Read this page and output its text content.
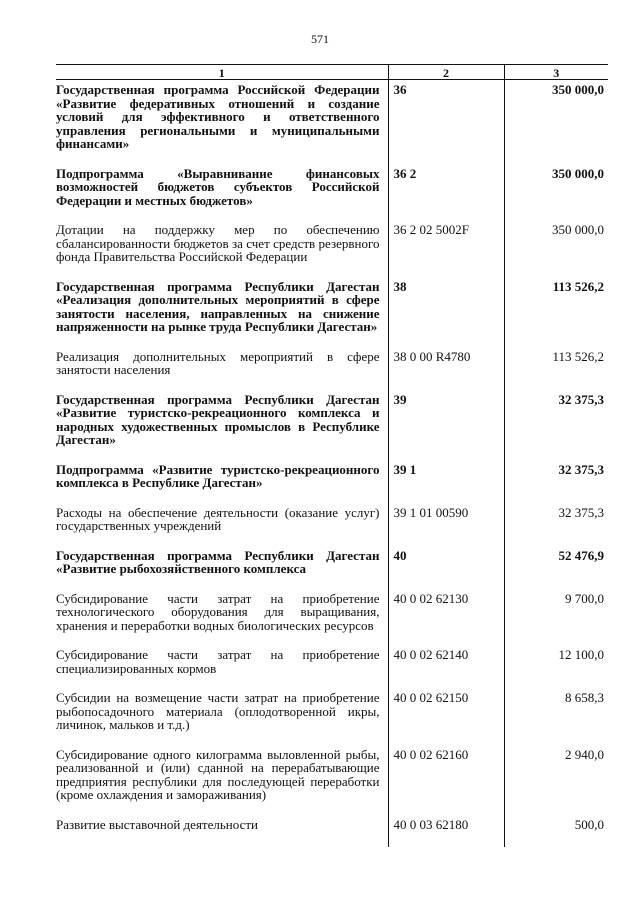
571
1	2	3
Государственная программа Российской Федерации «Развитие федеративных отношений и создание условий для эффективного и ответственного управления региональными и муниципальными финансами»	36	350 000,0
Подпрограмма «Выравнивание финансовых возможностей бюджетов субъектов Российской Федерации и местных бюджетов»	36 2	350 000,0
Дотации на поддержку мер по обеспечению сбалансированности бюджетов за счет средств резервного фонда Правительства Российской Федерации	36 2 02 5002F	350 000,0
Государственная программа Республики Дагестан «Реализация дополнительных мероприятий в сфере занятости населения, направленных на снижение напряженности на рынке труда Республики Дагестан»	38	113 526,2
Реализация дополнительных мероприятий в сфере занятости населения	38 0 00 R4780	113 526,2
Государственная программа Республики Дагестан «Развитие туристско-рекреационного комплекса и народных художественных промыслов в Республике Дагестан»	39	32 375,3
Подпрограмма «Развитие туристско-рекреационного комплекса в Республике Дагестан»	39 1	32 375,3
Расходы на обеспечение деятельности (оказание услуг) государственных учреждений	39 1 01 00590	32 375,3
Государственная программа Республики Дагестан «Развитие рыбохозяйственного комплекса	40	52 476,9
Субсидирование части затрат на приобретение технологического оборудования для выращивания, хранения и переработки водных биологических ресурсов	40 0 02 62130	9 700,0
Субсидирование части затрат на приобретение специализированных кормов	40 0 02 62140	12 100,0
Субсидии на возмещение части затрат на приобретение рыбопосадочного материала (оплодотворенной икры, личинок, мальков и т.д.)	40 0 02 62150	8 658,3
Субсидирование одного килограмма выловленной рыбы, реализованной и (или) сданной на перерабатывающие предприятия республики для последующей переработки (кроме охлаждения и замораживания)	40 0 02 62160	2 940,0
Развитие выставочной деятельности	40 0 03 62180	500,0
